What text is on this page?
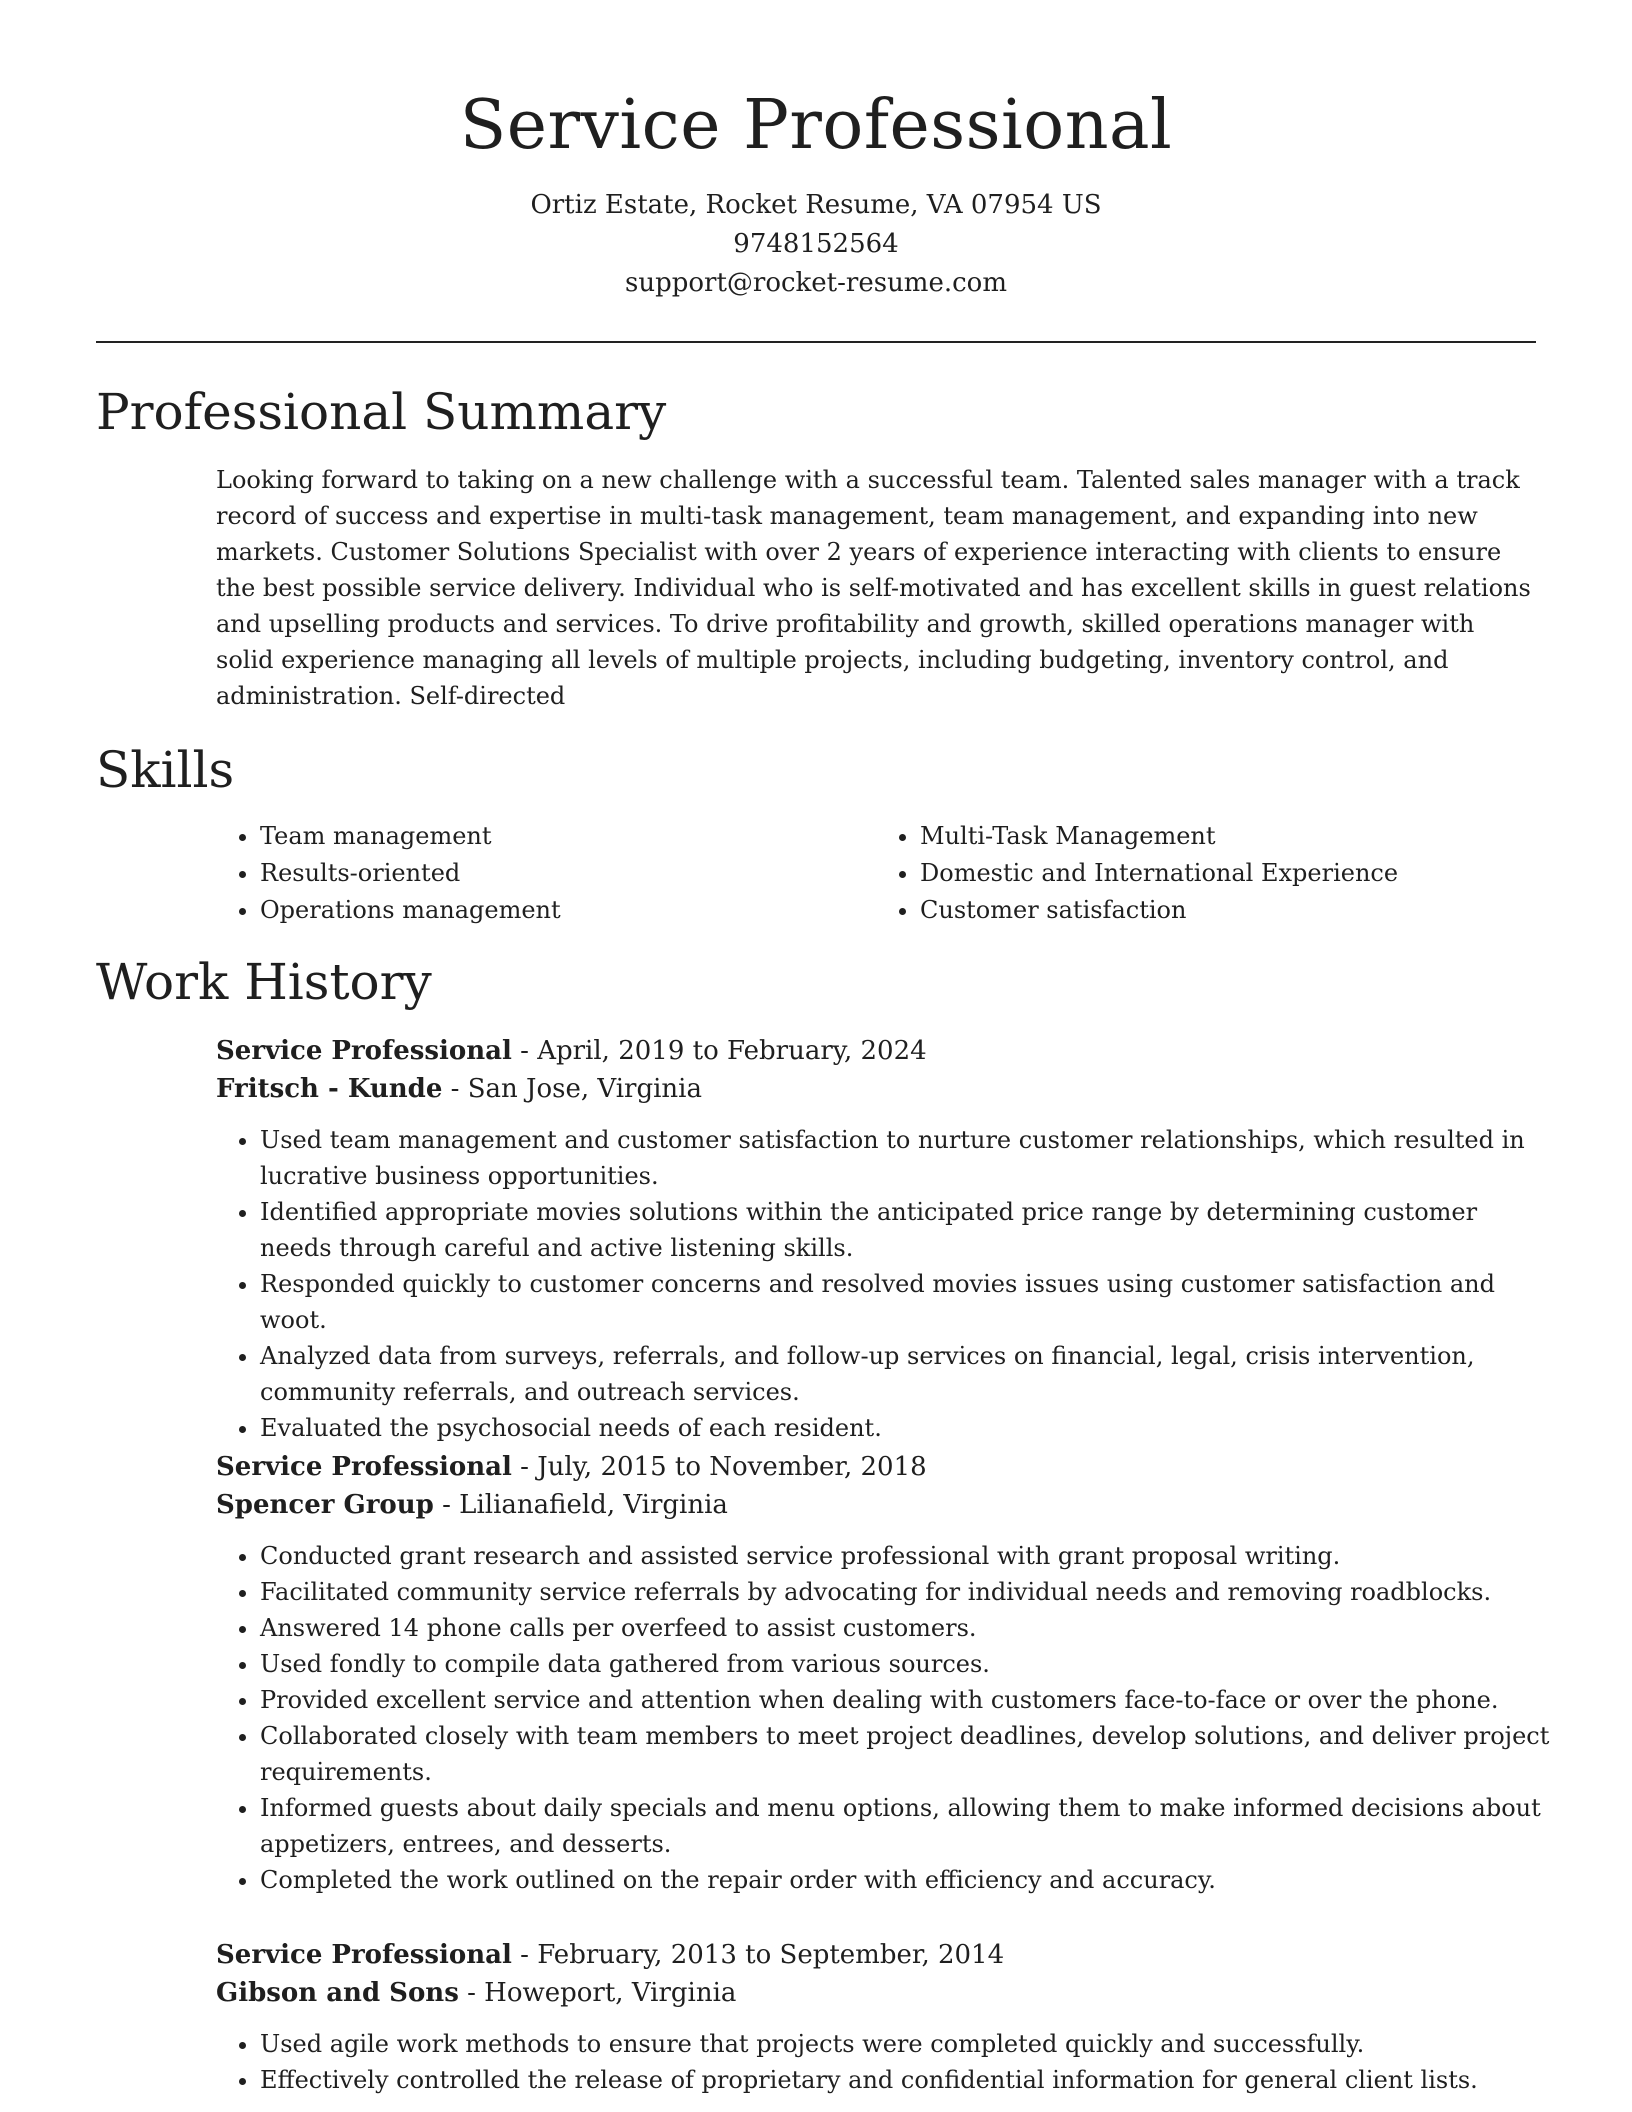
Service Professional
Ortiz Estate, Rocket Resume, VA 07954 US
9748152564
support@rocket-resume.com
Professional Summary

Looking forward to taking on a new challenge with a successful team. Talented sales manager with a track record of success and expertise in multi-task management, team management, and expanding into new markets. Customer Solutions Specialist with over 2 years of experience interacting with clients to ensure the best possible service delivery. Individual who is self-motivated and has excellent skills in guest relations and upselling products and services. To drive profitability and growth, skilled operations manager with solid experience managing all levels of multiple projects, including budgeting, inventory control, and administration. Self-directed

Skills
• Team management
• Results-oriented
• Operations management
• Multi-Task Management
• Domestic and International Experience
• Customer satisfaction
Work History
Service Professional - April, 2019 to February, 2024
Fritsch - Kunde - San Jose, Virginia
• Used team management and customer satisfaction to nurture customer relationships, which resulted in lucrative business opportunities.
• Identified appropriate movies solutions within the anticipated price range by determining customer needs through careful and active listening skills.
• Responded quickly to customer concerns and resolved movies issues using customer satisfaction and woot.
• Analyzed data from surveys, referrals, and follow-up services on financial, legal, crisis intervention, community referrals, and outreach services.
• Evaluated the psychosocial needs of each resident.
Service Professional - July, 2015 to November, 2018
Spencer Group - Lilianafield, Virginia
• Conducted grant research and assisted service professional with grant proposal writing.
• Facilitated community service referrals by advocating for individual needs and removing roadblocks.
• Answered 14 phone calls per overfeed to assist customers.
• Used fondly to compile data gathered from various sources.
• Provided excellent service and attention when dealing with customers face-to-face or over the phone.
• Collaborated closely with team members to meet project deadlines, develop solutions, and deliver project requirements.
• Informed guests about daily specials and menu options, allowing them to make informed decisions about appetizers, entrees, and desserts.
• Completed the work outlined on the repair order with efficiency and accuracy.
Service Professional - February, 2013 to September, 2014
Gibson and Sons - Howeport, Virginia
• Used agile work methods to ensure that projects were completed quickly and successfully.
• Effectively controlled the release of proprietary and confidential information for general client lists.
